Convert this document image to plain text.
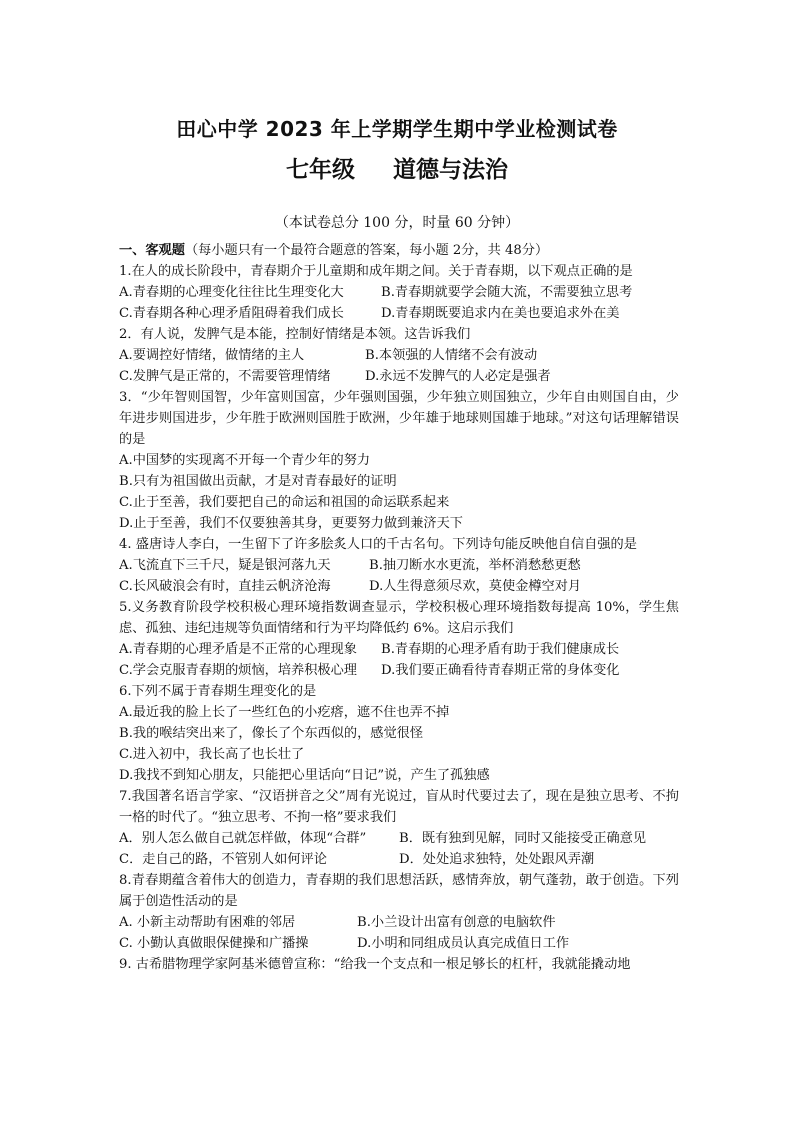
田心中学 2023 年上学期学生期中学业检测试卷
七年级 道德与法治
（本试卷总分 100 分，时量 60 分钟）
一、客观题（每小题只有一个最符合题意的答案，每小题 2分，共 48分）
1.在人的成长阶段中，青春期介于儿童期和成年期之间。关于青春期，以下观点正确的是
A.青春期的心理变化往往比生理变化大	B.青春期就要学会随大流，不需要独立思考
C.青春期各种心理矛盾阻碍着我们成长	D.青春期既要追求内在美也要追求外在美
2．有人说，发脾气是本能，控制好情绪是本领。这告诉我们
A.要调控好情绪，做情绪的主人	B.本领强的人情绪不会有波动
C.发脾气是正常的，不需要管理情绪	D.永远不发脾气的人必定是强者
3．“少年智则国智，少年富则国富，少年强则国强，少年独立则国独立，少年自由则国自由，少年进步则国进步，少年胜于欧洲则国胜于欧洲，少年雄于地球则国雄于地球。”对这句话理解错误的是
A.中国梦的实现离不开每一个青少年的努力
B.只有为祖国做出贡献，才是对青春最好的证明
C.止于至善，我们要把自己的命运和祖国的命运联系起来
D.止于至善，我们不仅要独善其身，更要努力做到兼济天下
4. 盛唐诗人李白，一生留下了许多脍炙人口的千古名句。下列诗句能反映他自信自强的是
A.飞流直下三千尺，疑是银河落九天	B.抽刀断水水更流，举杯消愁愁更愁
C.长风破浪会有时，直挂云帆济沧海	D.人生得意须尽欢，莫使金樽空对月
5.义务教育阶段学校积极心理环境指数调查显示，学校积极心理环境指数每提高 10%，学生焦虑、孤独、违纪违规等负面情绪和行为平均降低约 6%。这启示我们
A.青春期的心理矛盾是不正常的心理现象	B.青春期的心理矛盾有助于我们健康成长
C.学会克服青春期的烦恼，培养积极心理	D.我们要正确看待青春期正常的身体变化
6.下列不属于青春期生理变化的是
A.最近我的脸上长了一些红色的小疙瘩，遮不住也弄不掉
B.我的喉结突出来了，像长了个东西似的，感觉很怪
C.进入初中，我长高了也长壮了
D.我找不到知心朋友，只能把心里话向“日记”说，产生了孤独感
7.我国著名语言学家、“汉语拼音之父”周有光说过，盲从时代要过去了，现在是独立思考、不拘一格的时代了。“独立思考、不拘一格”要求我们
A．别人怎么做自己就怎样做，体现“合群”	B．既有独到见解，同时又能接受正确意见
C．走自己的路，不管别人如何评论	D．处处追求独特，处处跟风弄潮
8.青春期蕴含着伟大的创造力，青春期的我们思想活跃，感情奔放，朝气蓬勃，敢于创造。下列属于创造性活动的是
A. 小新主动帮助有困难的邻居	B.小兰设计出富有创意的电脑软件
C. 小勤认真做眼保健操和广播操	D.小明和同组成员认真完成值日工作
9. 古希腊物理学家阿基米德曾宣称：“给我一个支点和一根足够长的杠杆，我就能撬动地
